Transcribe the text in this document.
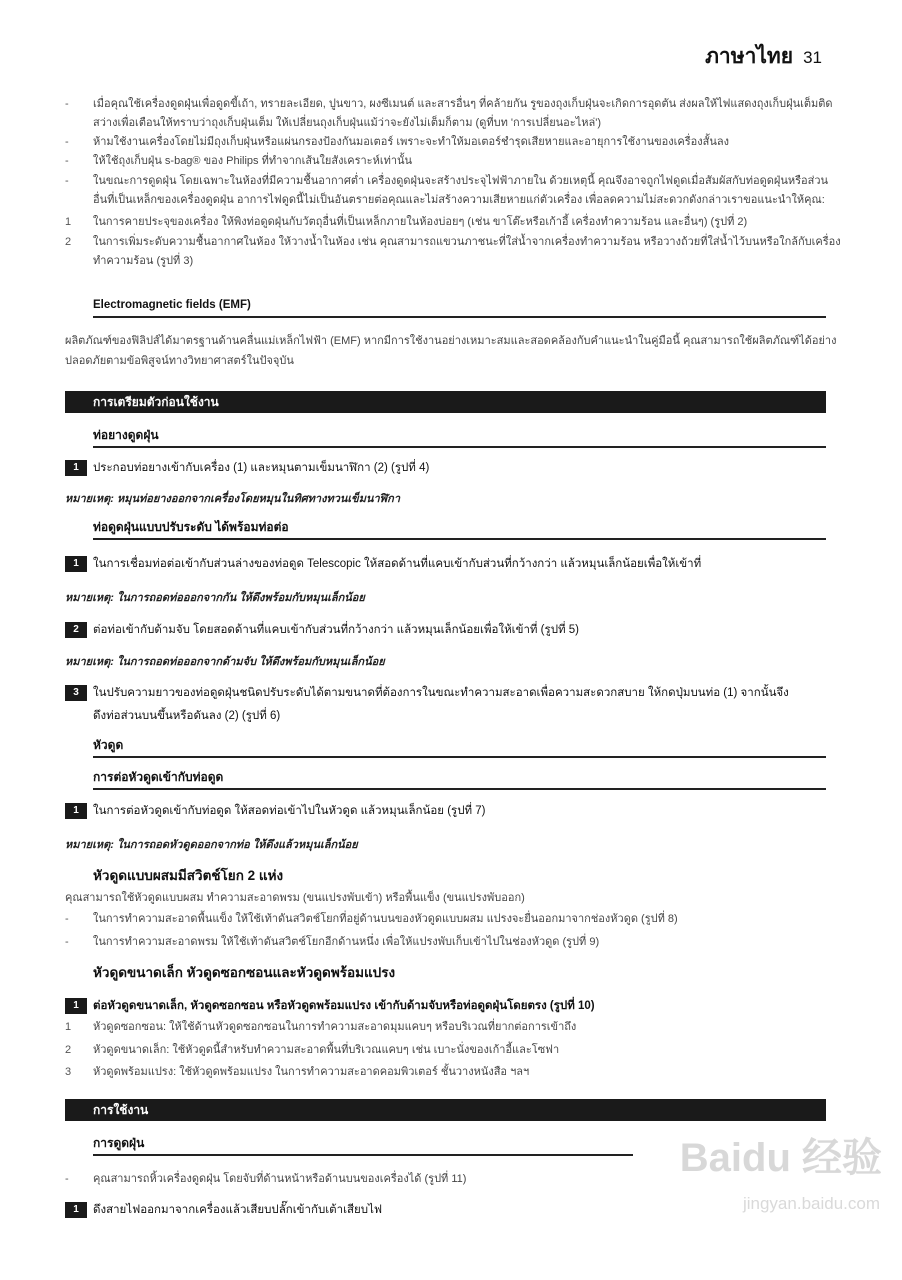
ภาษาไทย 31
- เมื่อคุณใช้เครื่องดูดฝุ่นเพื่อดูดขี้เถ้า, ทรายละเอียด, ปูนขาว, ผงซีเมนต์ และสารอื่นๆ ที่คล้ายกัน รูของถุงเก็บฝุ่นจะเกิดการอุดตัน ส่งผลให้ไฟแสดงถุงเก็บฝุ่นเต็มติด
สว่างเพื่อเตือนให้ทราบว่าถุงเก็บฝุ่นเต็ม ให้เปลี่ยนถุงเก็บฝุ่นแม้ว่าจะยังไม่เต็มก็ตาม (ดูที่บท 'การเปลี่ยนอะไหล่')
- ห้ามใช้งานเครื่องโดยไม่มีถุงเก็บฝุ่นหรือแผ่นกรองป้องกันมอเตอร์ เพราะจะทำให้มอเตอร์ชำรุดเสียหายและอายุการใช้งานของเครื่องสั้นลง
- ให้ใช้ถุงเก็บฝุ่น s-bag® ของ Philips ที่ทำจากเส้นใยสังเคราะห์เท่านั้น
- ในขณะการดูดฝุ่น โดยเฉพาะในห้องที่มีความชื้นอากาศต่ำ เครื่องดูดฝุ่นจะสร้างประจุไฟฟ้าภายใน ด้วยเหตุนี้ คุณจึงอาจถูกไฟดูดเมื่อสัมผัสกับท่อดูดฝุ่นหรือส่วน
อื่นที่เป็นเหล็กของเครื่องดูดฝุ่น อาการไฟดูดนี้ไม่เป็นอันตรายต่อคุณและไม่สร้างความเสียหายแก่ตัวเครื่อง เพื่อลดความไม่สะดวกดังกล่าวเราขอแนะนำให้คุณ:
1 ในการคายประจุของเครื่อง ให้พิงท่อดูดฝุ่นกับวัตถุอื่นที่เป็นเหล็กภายในห้องบ่อยๆ (เช่น ขาโต๊ะหรือเก้าอี้ เครื่องทำความร้อน และอื่นๆ) (รูปที่ 2)
2 ในการเพิ่มระดับความชื้นอากาศในห้อง ให้วางน้ำในห้อง เช่น คุณสามารถแขวนภาชนะที่ใส่น้ำจากเครื่องทำความร้อน หรือวางถ้วยที่ใส่น้ำไว้บนหรือใกล้กับเครื่อง
ทำความร้อน (รูปที่ 3)
Electromagnetic fields (EMF)
ผลิตภัณฑ์ของฟิลิปส์ได้มาตรฐานด้านคลื่นแม่เหล็กไฟฟ้า (EMF) หากมีการใช้งานอย่างเหมาะสมและสอดคล้องกับคำแนะนำในคู่มือนี้ คุณสามารถใช้ผลิตภัณฑ์ได้อย่าง
ปลอดภัยตามข้อพิสูจน์ทางวิทยาศาสตร์ในปัจจุบัน
การเตรียมตัวก่อนใช้งาน
ท่อยางดูดฝุ่น
1 ประกอบท่อยางเข้ากับเครื่อง (1) และหมุนตามเข็มนาฬิกา (2) (รูปที่ 4)
หมายเหตุ: หมุนท่อยางออกจากเครื่องโดยหมุนในทิศทางทวนเข็มนาฬิกา
ท่อดูดฝุ่นแบบปรับระดับ ได้พร้อมท่อต่อ
1 ในการเชื่อมท่อต่อเข้ากับส่วนล่างของท่อดูด Telescopic ให้สอดด้านที่แคบเข้ากับส่วนที่กว้างกว่า แล้วหมุนเล็กน้อยเพื่อให้เข้าที่
หมายเหตุ: ในการถอดท่อออกจากกัน ให้ดึงพร้อมกับหมุนเล็กน้อย
2 ต่อท่อเข้ากับด้ามจับ โดยสอดด้านที่แคบเข้ากับส่วนที่กว้างกว่า แล้วหมุนเล็กน้อยเพื่อให้เข้าที่ (รูปที่ 5)
หมายเหตุ: ในการถอดท่อออกจากด้ามจับ ให้ดึงพร้อมกับหมุนเล็กน้อย
3 ในปรับความยาวของท่อดูดฝุ่นชนิดปรับระดับได้ตามขนาดที่ต้องการในขณะทำความสะอาดเพื่อความสะดวกสบาย ให้กดปุ่มบนท่อ (1) จากนั้นจึง
ดึงท่อส่วนบนขึ้นหรือดันลง (2) (รูปที่ 6)
หัวดูด
การต่อหัวดูดเข้ากับท่อดูด
1 ในการต่อหัวดูดเข้ากับท่อดูด ให้สอดท่อเข้าไปในหัวดูด แล้วหมุนเล็กน้อย (รูปที่ 7)
หมายเหตุ: ในการถอดหัวดูดออกจากท่อ ให้ดึงแล้วหมุนเล็กน้อย
หัวดูดแบบผสมมีสวิตช์โยก 2 แห่ง
คุณสามารถใช้หัวดูดแบบผสม ทำความสะอาดพรม (ขนแปรงพับเข้า) หรือพื้นแข็ง (ขนแปรงพับออก)
- ในการทำความสะอาดพื้นแข็ง ให้ใช้เท้าดันสวิตช์โยกที่อยู่ด้านบนของหัวดูดแบบผสม แปรงจะยื่นออกมาจากช่องหัวดูด (รูปที่ 8)
- ในการทำความสะอาดพรม ให้ใช้เท้าดันสวิตช์โยกอีกด้านหนึ่ง เพื่อให้แปรงพับเก็บเข้าไปในช่องหัวดูด (รูปที่ 9)
หัวดูดขนาดเล็ก หัวดูดซอกซอนและหัวดูดพร้อมแปรง
1 ต่อหัวดูดขนาดเล็ก, หัวดูดซอกซอน หรือหัวดูดพร้อมแปรง เข้ากับด้ามจับหรือท่อดูดฝุ่นโดยตรง (รูปที่ 10)
1 หัวดูดซอกซอน: ให้ใช้ด้านหัวดูดซอกซอนในการทำความสะอาดมุมแคบๆ หรือบริเวณที่ยากต่อการเข้าถึง
2 หัวดูดขนาดเล็ก: ใช้หัวดูดนี้สำหรับทำความสะอาดพื้นที่บริเวณแคบๆ เช่น เบาะนั่งของเก้าอี้และโซฟา
3 หัวดูดพร้อมแปรง: ใช้หัวดูดพร้อมแปรง ในการทำความสะอาดคอมพิวเตอร์ ชั้นวางหนังสือ ฯลฯ
การใช้งาน
การดูดฝุ่น
- คุณสามารถหิ้วเครื่องดูดฝุ่น โดยจับที่ด้านหน้าหรือด้านบนของเครื่องได้ (รูปที่ 11)
1 ดึงสายไฟออกมาจากเครื่องแล้วเสียบปลั๊กเข้ากับเต้าเสียบไฟ
Baidu 经验
jingyan.baidu.com
